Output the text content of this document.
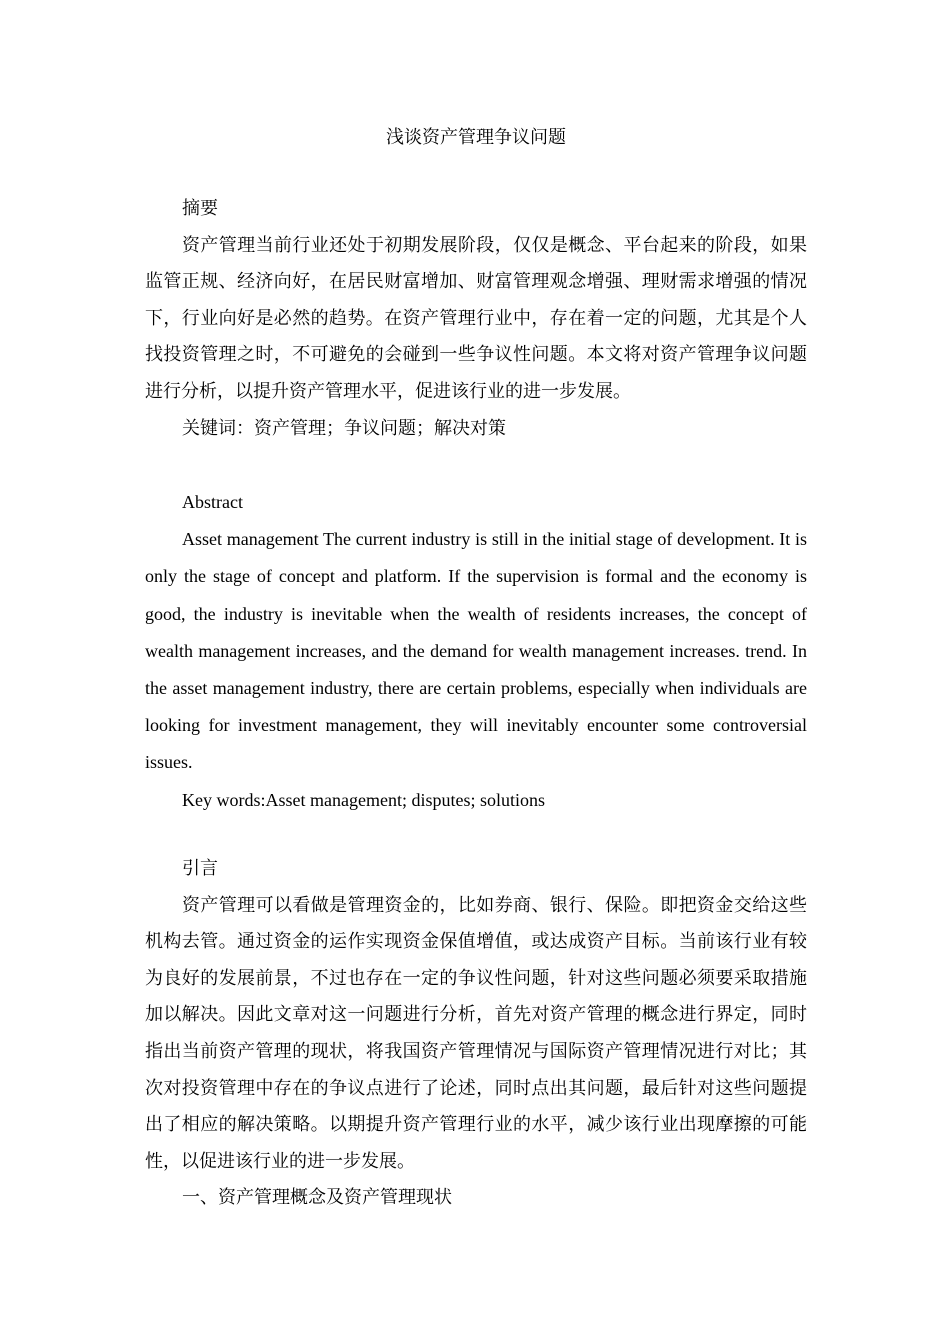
浅谈资产管理争议问题

摘要

资产管理当前行业还处于初期发展阶段，仅仅是概念、平台起来的阶段，如果监管正规、经济向好，在居民财富增加、财富管理观念增强、理财需求增强的情况下，行业向好是必然的趋势。在资产管理行业中，存在着一定的问题，尤其是个人找投资管理之时，不可避免的会碰到一些争议性问题。本文将对资产管理争议问题进行分析，以提升资产管理水平，促进该行业的进一步发展。

关键词：资产管理；争议问题；解决对策

Abstract

Asset management The current industry is still in the initial stage of development. It is only the stage of concept and platform. If the supervision is formal and the economy is good, the industry is inevitable when the wealth of residents increases, the concept of wealth management increases, and the demand for wealth management increases. trend. In the asset management industry, there are certain problems, especially when individuals are looking for investment management, they will inevitably encounter some controversial issues.

Key words:Asset management; disputes; solutions

引言

资产管理可以看做是管理资金的，比如券商、银行、保险。即把资金交给这些机构去管。通过资金的运作实现资金保值增值，或达成资产目标。当前该行业有较为良好的发展前景，不过也存在一定的争议性问题，针对这些问题必须要采取措施加以解决。因此文章对这一问题进行分析，首先对资产管理的概念进行界定，同时指出当前资产管理的现状，将我国资产管理情况与国际资产管理情况进行对比；其次对投资管理中存在的争议点进行了论述，同时点出其问题，最后针对这些问题提出了相应的解决策略。以期提升资产管理行业的水平，减少该行业出现摩擦的可能性，以促进该行业的进一步发展。

一、资产管理概念及资产管理现状
